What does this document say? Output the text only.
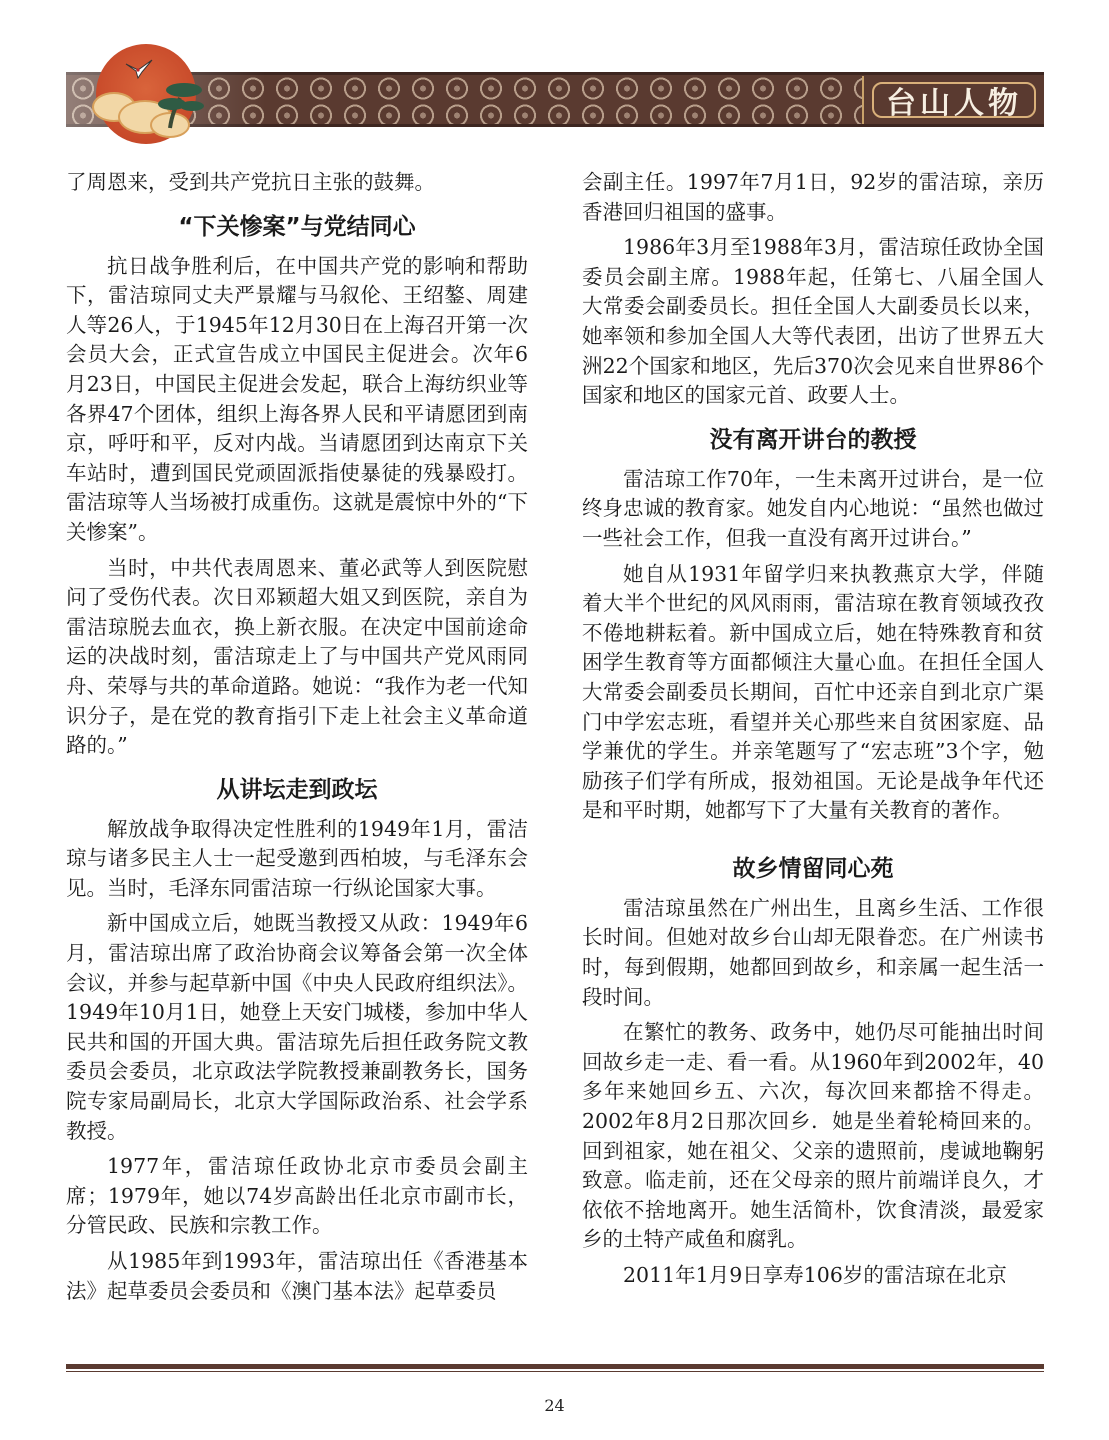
台山人物

了周恩来，受到共产党抗日主张的鼓舞。

“下关惨案”与党结同心

抗日战争胜利后，在中国共产党的影响和帮助下，雷洁琼同丈夫严景耀与马叙伦、王绍鏊、周建人等26人，于1945年12月30日在上海召开第一次会员大会，正式宣告成立中国民主促进会。次年6月23日，中国民主促进会发起，联合上海纺织业等各界47个团体，组织上海各界人民和平请愿团到南京，呼吁和平，反对内战。当请愿团到达南京下关车站时，遭到国民党顽固派指使暴徒的残暴殴打。雷洁琼等人当场被打成重伤。这就是震惊中外的“下关惨案”。

当时，中共代表周恩来、董必武等人到医院慰问了受伤代表。次日邓颖超大姐又到医院，亲自为雷洁琼脱去血衣，换上新衣服。在决定中国前途命运的决战时刻，雷洁琼走上了与中国共产党风雨同舟、荣辱与共的革命道路。她说：“我作为老一代知识分子，是在党的教育指引下走上社会主义革命道路的。”

从讲坛走到政坛

解放战争取得决定性胜利的1949年1月，雷洁琼与诸多民主人士一起受邀到西柏坡，与毛泽东会见。当时，毛泽东同雷洁琼一行纵论国家大事。

新中国成立后，她既当教授又从政：1949年6月，雷洁琼出席了政治协商会议筹备会第一次全体会议，并参与起草新中国《中央人民政府组织法》。1949年10月1日，她登上天安门城楼，参加中华人民共和国的开国大典。雷洁琼先后担任政务院文教委员会委员，北京政法学院教授兼副教务长，国务院专家局副局长，北京大学国际政治系、社会学系教授。

1977年，雷洁琼任政协北京市委员会副主席；1979年，她以74岁高龄出任北京市副市长，分管民政、民族和宗教工作。

从1985年到1993年，雷洁琼出任《香港基本法》起草委员会委员和《澳门基本法》起草委员

会副主任。1997年7月1日，92岁的雷洁琼，亲历香港回归祖国的盛事。

1986年3月至1988年3月，雷洁琼任政协全国委员会副主席。1988年起，任第七、八届全国人大常委会副委员长。担任全国人大副委员长以来，她率领和参加全国人大等代表团，出访了世界五大洲22个国家和地区，先后370次会见来自世界86个国家和地区的国家元首、政要人士。

没有离开讲台的教授

雷洁琼工作70年，一生未离开过讲台，是一位终身忠诚的教育家。她发自内心地说：“虽然也做过一些社会工作，但我一直没有离开过讲台。”

她自从1931年留学归来执教燕京大学，伴随着大半个世纪的风风雨雨，雷洁琼在教育领域孜孜不倦地耕耘着。新中国成立后，她在特殊教育和贫困学生教育等方面都倾注大量心血。在担任全国人大常委会副委员长期间，百忙中还亲自到北京广渠门中学宏志班，看望并关心那些来自贫困家庭、品学兼优的学生。并亲笔题写了“宏志班”3个字，勉励孩子们学有所成，报効祖国。无论是战争年代还是和平时期，她都写下了大量有关教育的著作。

故乡情留同心苑

雷洁琼虽然在广州出生，且离乡生活、工作很长时间。但她对故乡台山却无限眷恋。在广州读书时，每到假期，她都回到故乡，和亲属一起生活一段时间。

在繁忙的教务、政务中，她仍尽可能抽出时间回故乡走一走、看一看。从1960年到2002年，40多年来她回乡五、六次，每次回来都捨不得走。2002年8月2日那次回乡．她是坐着轮椅回来的。回到祖家，她在祖父、父亲的遗照前，虔诚地鞠躬致意。临走前，还在父母亲的照片前端详良久，才依依不捨地离开。她生活简朴，饮食清淡，最爱家乡的土特产咸鱼和腐乳。

2011年1月9日享寿106岁的雷洁琼在北京

24
